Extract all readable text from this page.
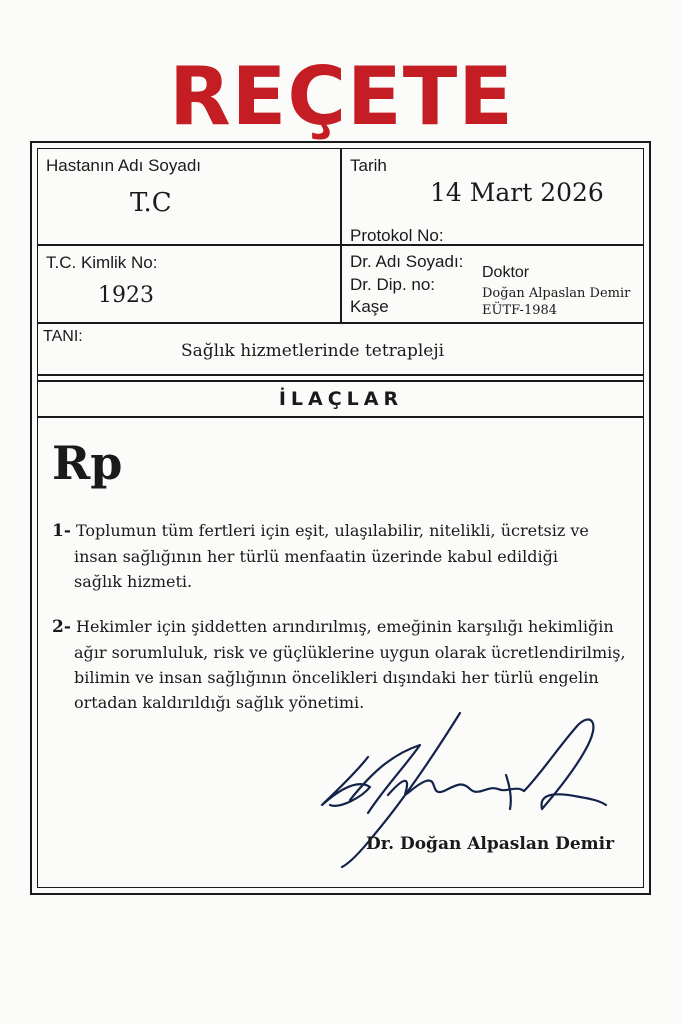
REÇETE
Hastanın Adı Soyadı
T.C
Tarih
14 Mart 2026
Protokol No:
T.C. Kimlik No:
1923
Dr. Adı Soyadı:
Dr. Dip. no:
Kaşe
Doktor
Doğan Alpaslan Demir
EÜTF-1984
TANI:
Sağlık hizmetlerinde tetrapleji
İLAÇLAR
Rp
1- Toplumun tüm fertleri için eşit, ulaşılabilir, nitelikli, ücretsiz ve
insan sağlığının her türlü menfaatin üzerinde kabul edildiği
sağlık hizmeti.
2- Hekimler için şiddetten arındırılmış, emeğinin karşılığı hekimliğin
ağır sorumluluk, risk ve güçlüklerine uygun olarak ücretlendirilmiş,
bilimin ve insan sağlığının öncelikleri dışındaki her türlü engelin
ortadan kaldırıldığı sağlık yönetimi.
Dr. Doğan Alpaslan Demir
